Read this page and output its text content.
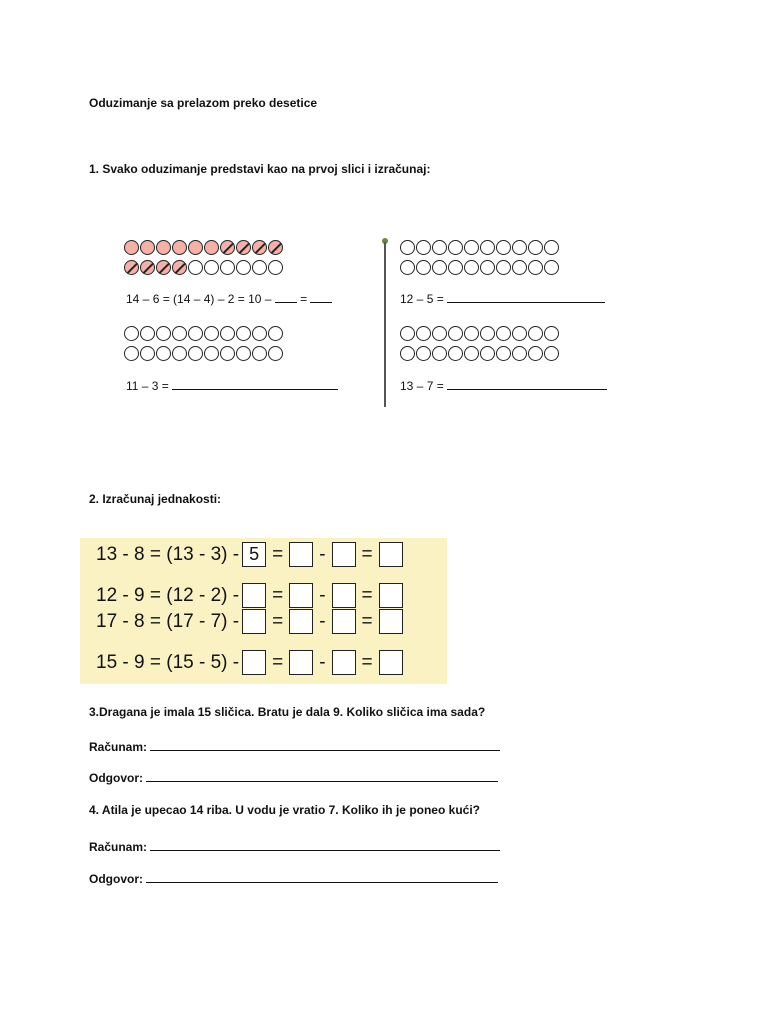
Oduzimanje sa prelazom preko desetice
1. Svako oduzimanje predstavi kao na prvoj slici i izračunaj:
14 – 6 = (14 – 4) – 2 = 10 –  =
11 – 3 =
12 – 5 =
13 – 7 =
2. Izračunaj jednakosti:
13 - 8 = (13 - 3) - 5 = - =
12 - 9 = (12 - 2) - = - =
17 - 8 = (17 - 7) - = - =
15 - 9 = (15 - 5) - = - =
3.Dragana je imala 15 sličica. Bratu je dala 9. Koliko sličica ima sada?
Računam:
Odgovor:
4. Atila je upecao 14 riba. U vodu je vratio 7. Koliko ih je poneo kući?
Računam:
Odgovor:
